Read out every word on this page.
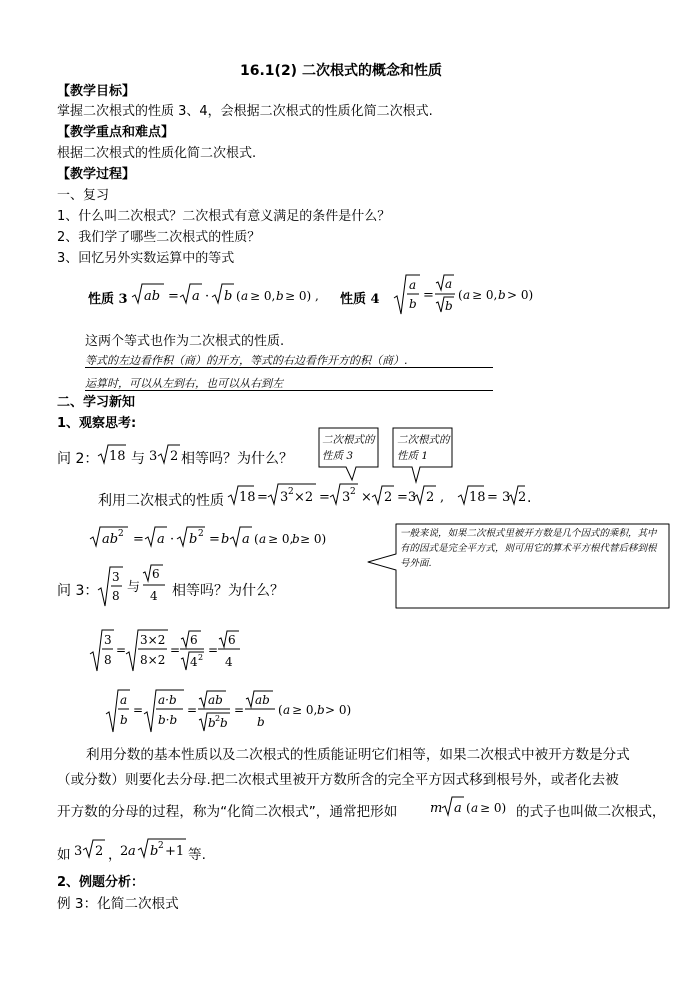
16.1(2) 二次根式的概念和性质
【教学目标】
掌握二次根式的性质 3、4，会根据二次根式的性质化简二次根式.
【教学重点和难点】
根据二次根式的性质化简二次根式.
【教学过程】
一、复习
1、什么叫二次根式？二次根式有意义满足的条件是什么？
2、我们学了哪些二次根式的性质？
3、回忆另外实数运算中的等式
性质 3 ab = a · b ( a ≥ 0, b ≥ 0) , 性质 4
a
b
=
a
b
( a ≥ 0, b > 0)
这两个等式也作为二次根式的性质.
等式的左边看作积（商）的开方，等式的右边看作开方的积（商）.
运算时，可以从左到右，也可以从右到左
二、学习新知
1、观察思考:
二次根式的性质 3
二次根式的性质 1
问 2： 18 3 2
与	相等吗？为什么？
利用二次根式的性质 18 = 3 2 ×2 = 3 2 × 2 =3 2 , 18 = 3 2 .
ab 2 = a · b 2 = b a ( a ≥ 0,
b ≥ 0)	一般来说，如果二次根式里被开方数是几个因式的乘积，其中有的因式是完全平方式，则可用它的算术平方根代替后移到根号外面.
问 3：
3
8
与
6
4 相等吗？为什么？
3
8
=
3×2
8×2
=
6
4 2
=
6
4
a
b
=
a·b
b·b
=
ab
b 2 b
=
ab
b
( a ≥ 0, b > 0)
利用分数的基本性质以及二次根式的性质能证明它们相等，如果二次根式中被开方数是分式
（或分数）则要化去分母.把二次根式里被开方数所含的完全平方因式移到根号外，或者化去被
开方数的分母的过程，称为“化简二次根式”，通常把形如	m a ( a ≥ 0) 的式子也叫做二次根式，
如 3 2 ，
2 a b 2 +1 等.
2、例题分析：
例 3：化简二次根式
